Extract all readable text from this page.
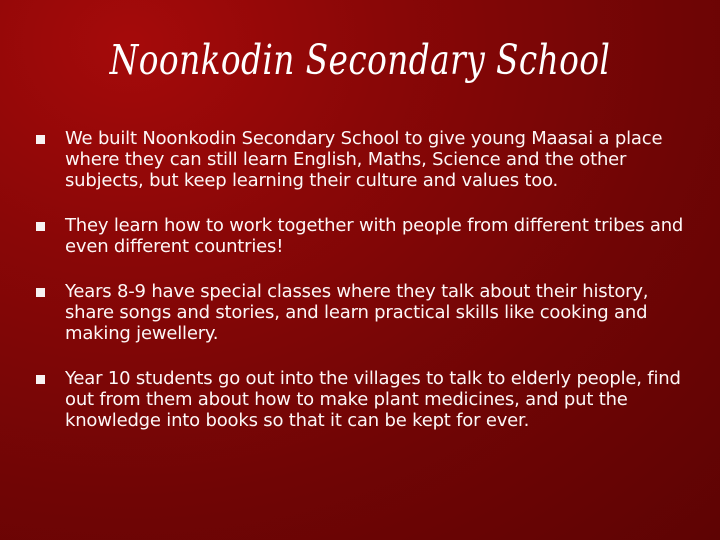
Noonkodin Secondary School
We built Noonkodin Secondary School to give young Maasai a place where they can still learn English, Maths, Science and the other subjects, but keep learning their culture and values too.
They learn how to work together with people from different tribes and even different countries!
Years 8-9 have special classes where they talk about their history, share songs and stories, and learn practical skills like cooking and making jewellery.
Year 10 students go out into the villages to talk to elderly people, find out from them about how to make plant medicines, and put the knowledge into books so that it can be kept for ever.
